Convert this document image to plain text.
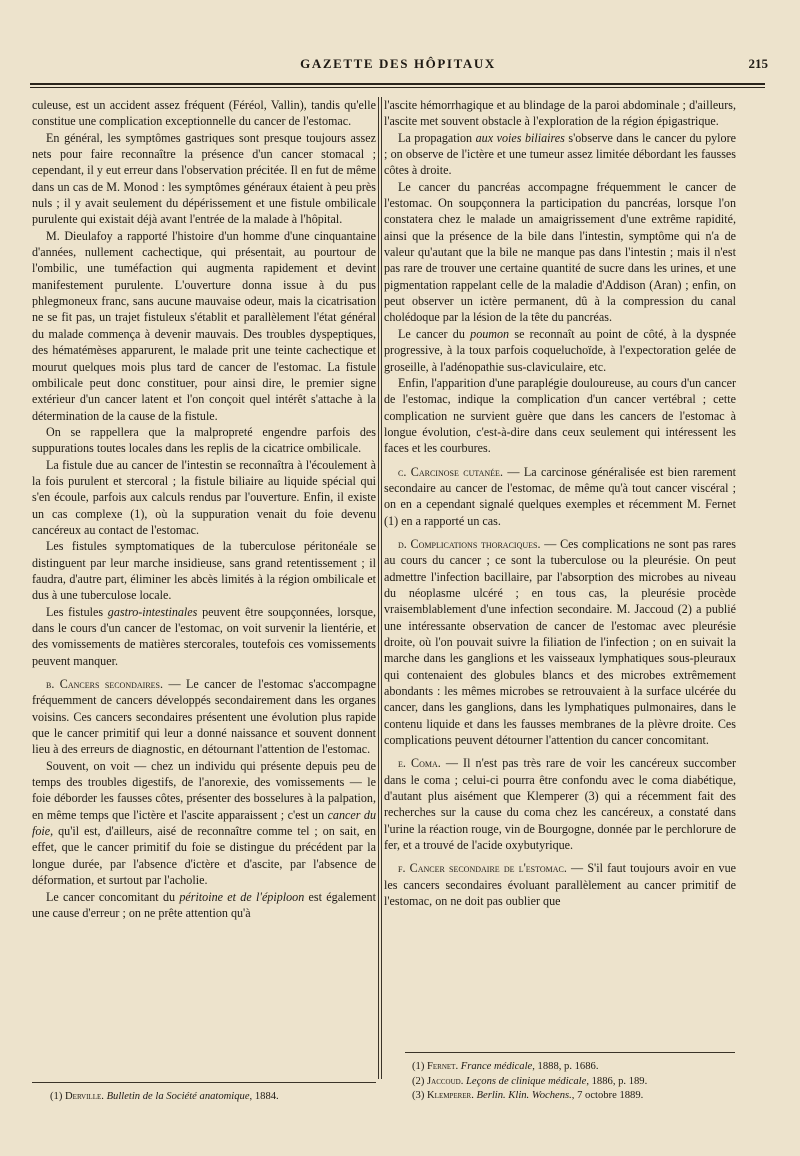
GAZETTE DES HÔPITAUX	215

culeuse, est un accident assez fréquent (Féréol, Vallin), tandis qu'elle constitue une complication exceptionnelle du cancer de l'estomac.

En général, les symptômes gastriques sont presque toujours assez nets pour faire reconnaître la présence d'un cancer stomacal ; cependant, il y eut erreur dans l'observation précitée. Il en fut de même dans un cas de M. Monod : les symptômes généraux étaient à peu près nuls ; il y avait seulement du dépérissement et une fistule ombilicale purulente qui existait déjà avant l'entrée de la malade à l'hôpital.

M. Dieulafoy a rapporté l'histoire d'un homme d'une cinquantaine d'années, nullement cachectique, qui présentait, au pourtour de l'ombilic, une tuméfaction qui augmenta rapidement et devint manifestement purulente. L'ouverture donna issue à du pus phlegmoneux franc, sans aucune mauvaise odeur, mais la cicatrisation ne se fit pas, un trajet fistuleux s'établit et parallèlement l'état général du malade commença à devenir mauvais. Des troubles dyspeptiques, des hématémèses apparurent, le malade prit une teinte cachectique et mourut quelques mois plus tard de cancer de l'estomac. La fistule ombilicale peut donc constituer, pour ainsi dire, le premier signe extérieur d'un cancer latent et l'on conçoit quel intérêt s'attache à la détermination de la cause de la fistule.

On se rappellera que la malpropreté engendre parfois des suppurations toutes locales dans les replis de la cicatrice ombilicale.

La fistule due au cancer de l'intestin se reconnaîtra à l'écoulement à la fois purulent et stercoral ; la fistule biliaire au liquide spécial qui s'en écoule, parfois aux calculs rendus par l'ouverture. Enfin, il existe un cas complexe (1), où la suppuration venait du foie devenu cancéreux au contact de l'estomac.

Les fistules symptomatiques de la tuberculose péritonéale se distinguent par leur marche insidieuse, sans grand retentissement ; il faudra, d'autre part, éliminer les abcès limités à la région ombilicale et dus à une tuberculose locale.

Les fistules gastro-intestinales peuvent être soupçonnées, lorsque, dans le cours d'un cancer de l'estomac, on voit survenir la lientérie, et des vomissements de matières stercorales, toutefois ces vomissements peuvent manquer.

b. Cancers secondaires. — Le cancer de l'estomac s'accompagne fréquemment de cancers développés secondairement dans les organes voisins. Ces cancers secondaires présentent une évolution plus rapide que le cancer primitif qui leur a donné naissance et souvent donnent lieu à des erreurs de diagnostic, en détournant l'attention de l'estomac.

Souvent, on voit — chez un individu qui présente depuis peu de temps des troubles digestifs, de l'anorexie, des vomissements — le foie déborder les fausses côtes, présenter des bosselures à la palpation, en même temps que l'ictère et l'ascite apparaissent ; c'est un cancer du foie, qu'il est, d'ailleurs, aisé de reconnaître comme tel ; on sait, en effet, que le cancer primitif du foie se distingue du précédent par la longue durée, par l'absence d'ictère et d'ascite, par l'absence de déformation, et surtout par l'acholie.

Le cancer concomitant du péritoine et de l'épiploon est également une cause d'erreur ; on ne prête attention qu'à

l'ascite hémorrhagique et au blindage de la paroi abdominale ; d'ailleurs, l'ascite met souvent obstacle à l'exploration de la région épigastrique.

La propagation aux voies biliaires s'observe dans le cancer du pylore ; on observe de l'ictère et une tumeur assez limitée débordant les fausses côtes à droite.

Le cancer du pancréas accompagne fréquemment le cancer de l'estomac. On soupçonnera la participation du pancréas, lorsque l'on constatera chez le malade un amaigrissement d'une extrême rapidité, ainsi que la présence de la bile dans l'intestin, symptôme qui n'a de valeur qu'autant que la bile ne manque pas dans l'intestin ; mais il n'est pas rare de trouver une certaine quantité de sucre dans les urines, et une pigmentation rappelant celle de la maladie d'Addison (Aran) ; enfin, on peut observer un ictère permanent, dû à la compression du canal cholédoque par la lésion de la tête du pancréas.

Le cancer du poumon se reconnaît au point de côté, à la dyspnée progressive, à la toux parfois coqueluchoïde, à l'expectoration gelée de groseille, à l'adénopathie sus-claviculaire, etc.

Enfin, l'apparition d'une paraplégie douloureuse, au cours d'un cancer de l'estomac, indique la complication d'un cancer vertébral ; cette complication ne survient guère que dans les cancers de l'estomac à longue évolution, c'est-à-dire dans ceux seulement qui intéressent les faces et les courbures.

c. Carcinose cutanée. — La carcinose généralisée est bien rarement secondaire au cancer de l'estomac, de même qu'à tout cancer viscéral ; on en a cependant signalé quelques exemples et récemment M. Fernet (1) en a rapporté un cas.

d. Complications thoraciques. — Ces complications ne sont pas rares au cours du cancer ; ce sont la tuberculose ou la pleurésie. On peut admettre l'infection bacillaire, par l'absorption des microbes au niveau du néoplasme ulcéré ; en tous cas, la pleurésie procède vraisemblablement d'une infection secondaire. M. Jaccoud (2) a publié une intéressante observation de cancer de l'estomac avec pleurésie droite, où l'on pouvait suivre la filiation de l'infection ; on en suivait la marche dans les ganglions et les vaisseaux lymphatiques sous-pleuraux qui contenaient des globules blancs et des microbes extrêmement abondants : les mêmes microbes se retrouvaient à la surface ulcérée du cancer, dans les ganglions, dans les lymphatiques pulmonaires, dans le contenu liquide et dans les fausses membranes de la plèvre droite. Ces complications peuvent détourner l'attention du cancer concomitant.

e. Coma. — Il n'est pas très rare de voir les cancéreux succomber dans le coma ; celui-ci pourra être confondu avec le coma diabétique, d'autant plus aisément que Klemperer (3) qui a récemment fait des recherches sur la cause du coma chez les cancéreux, a constaté dans l'urine la réaction rouge, vin de Bourgogne, donnée par le perchlorure de fer, et a trouvé de l'acide oxybutyrique.

f. Cancer secondaire de l'estomac. — S'il faut toujours avoir en vue les cancers secondaires évoluant parallèlement au cancer primitif de l'estomac, on ne doit pas oublier que

(1) Fernet. France médicale, 1888, p. 1686.
(2) Jaccoud. Leçons de clinique médicale, 1886, p. 189.
(3) Klemperer. Berlin. Klin. Wochens., 7 octobre 1889.
(1) Derville. Bulletin de la Société anatomique, 1884.
